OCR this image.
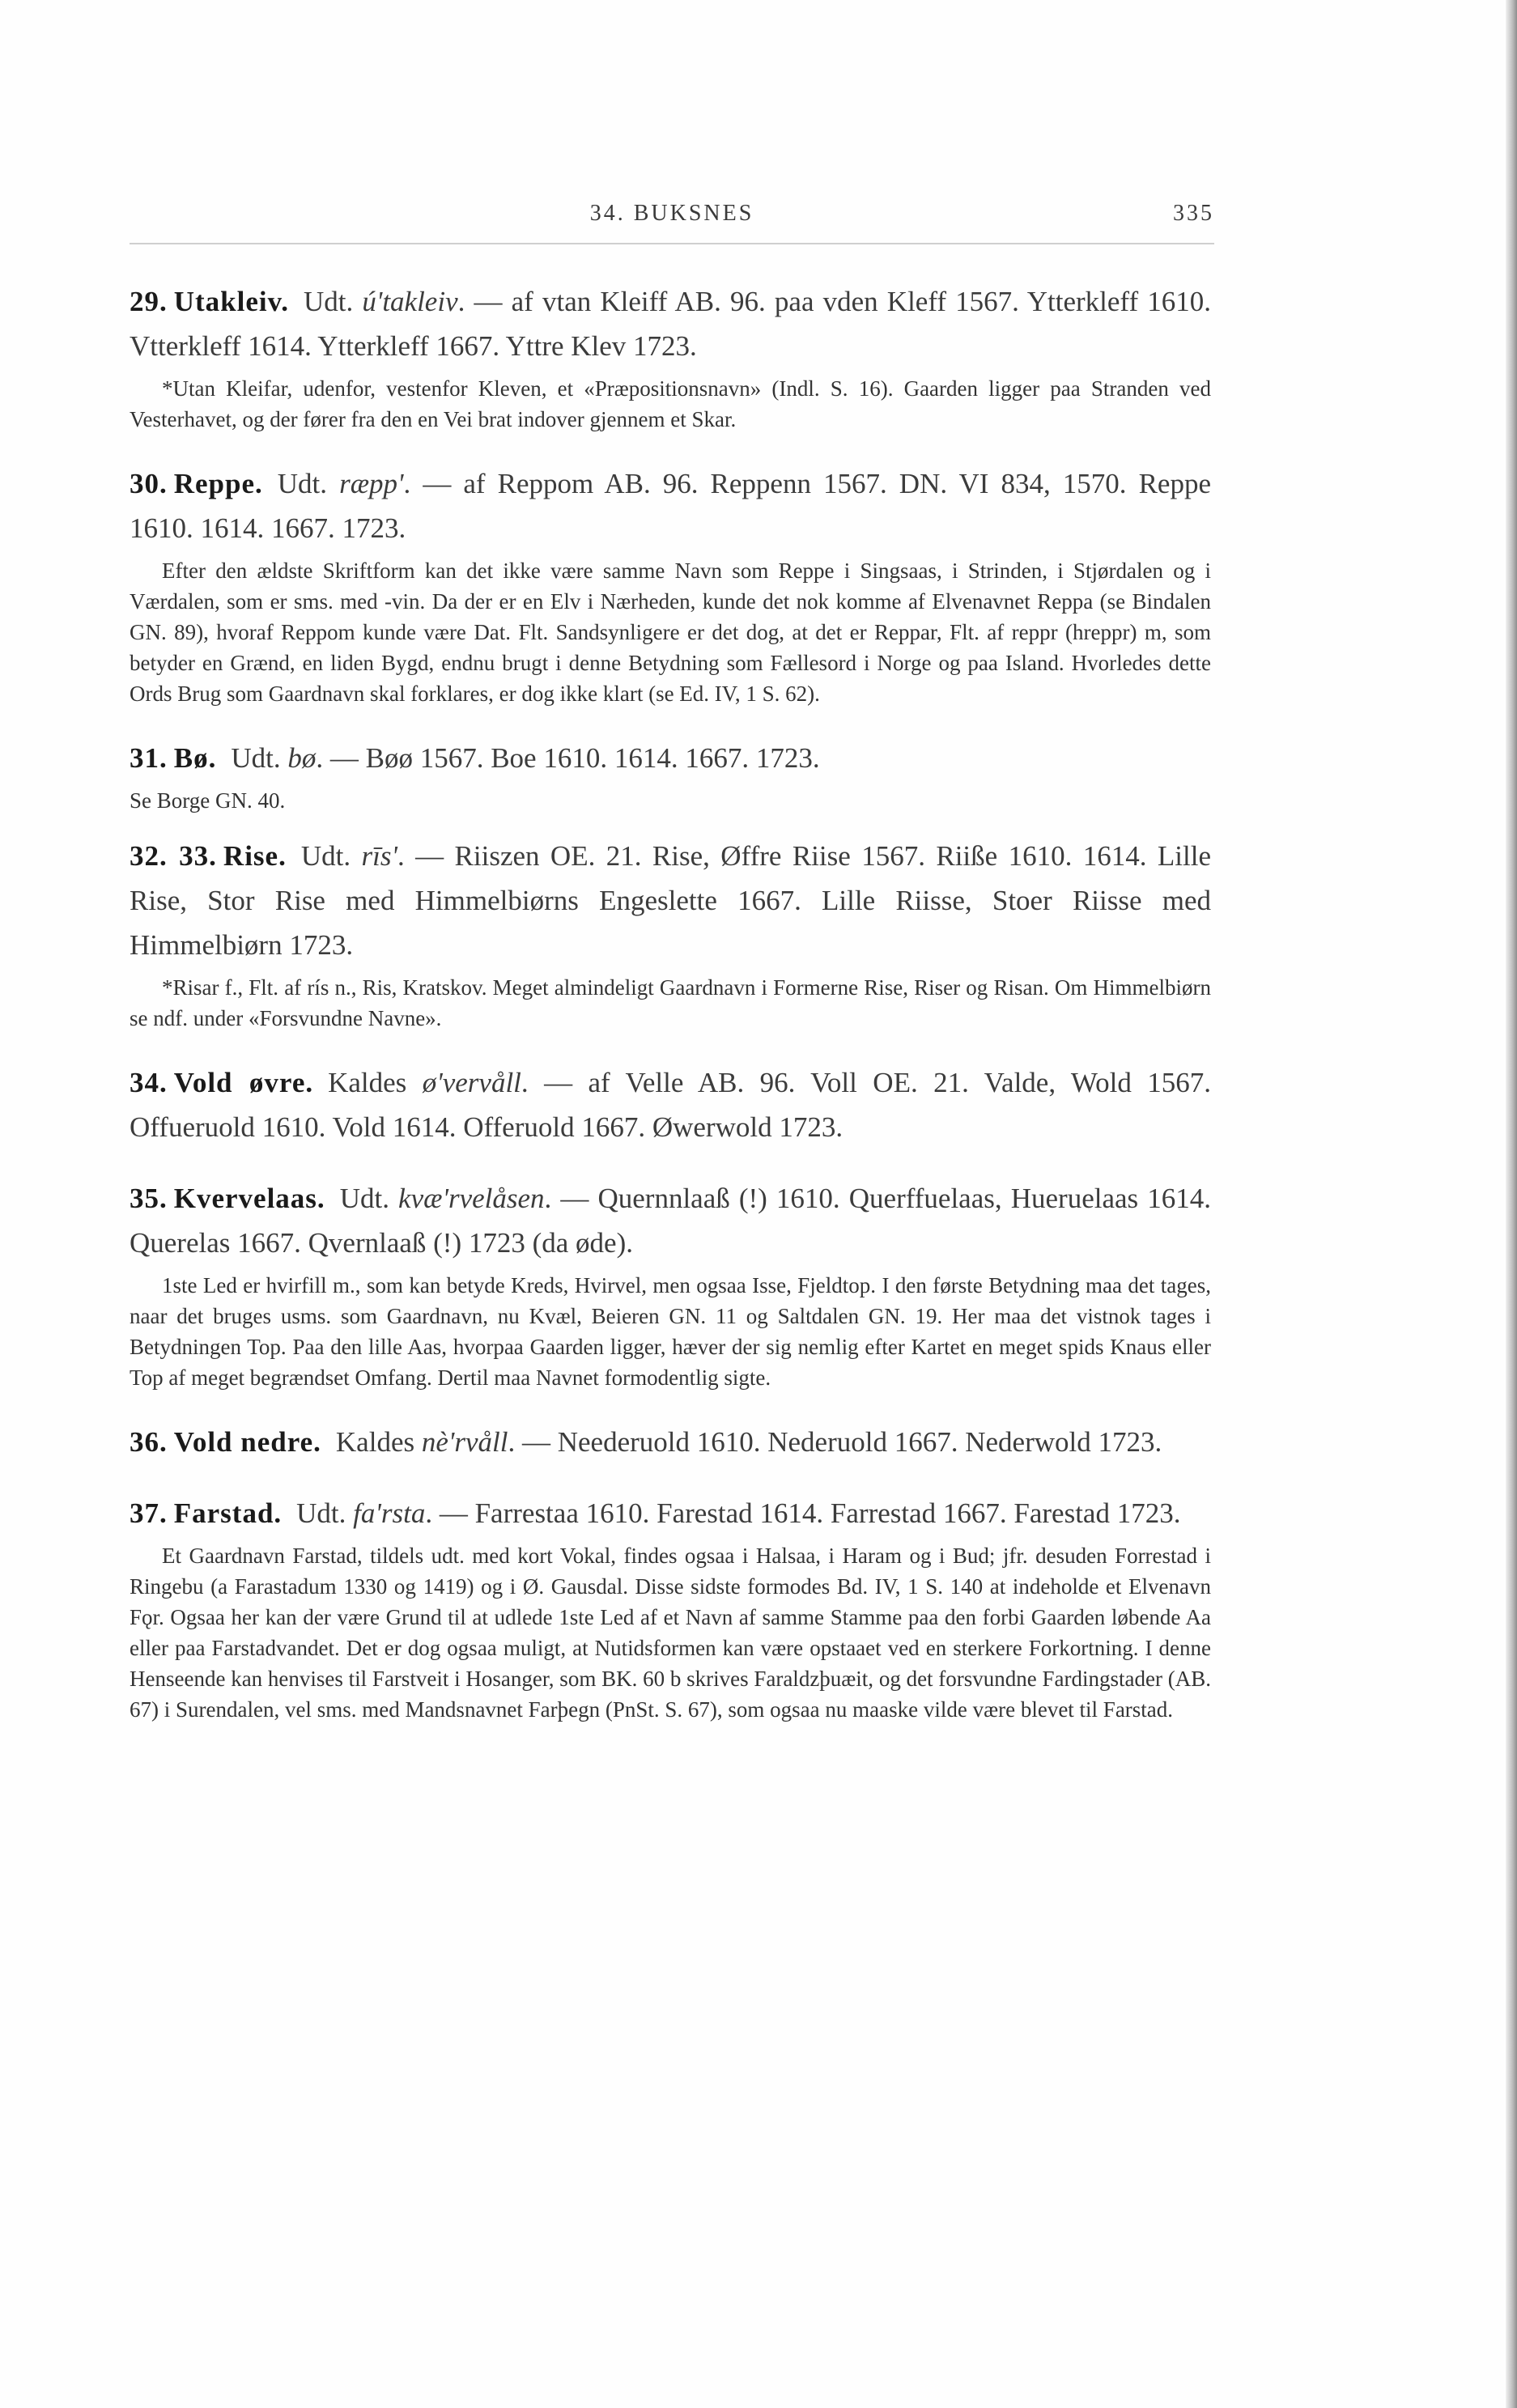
34. BUKSNES	335
29. Utakleiv. Udt. ú'takleiv. — af vtan Kleiff AB. 96. paa vden Kleff 1567. Ytterkleff 1610. Vtterkleff 1614. Ytterkleff 1667. Yttre Klev 1723.
*Utan Kleifar, udenfor, vestenfor Kleven, et «Præpositionsnavn» (Indl. S. 16). Gaarden ligger paa Stranden ved Vesterhavet, og der fører fra den en Vei brat indover gjennem et Skar.
30. Reppe. Udt. ræpp'. — af Reppom AB. 96. Reppenn 1567. DN. VI 834, 1570. Reppe 1610. 1614. 1667. 1723.
Efter den ældste Skriftform kan det ikke være samme Navn som Reppe i Singsaas, i Strinden, i Stjørdalen og i Værdalen, som er sms. med -vin. Da der er en Elv i Nærheden, kunde det nok komme af Elvenavnet Reppa (se Bindalen GN. 89), hvoraf Reppom kunde være Dat. Flt. Sandsynligere er det dog, at det er Reppar, Flt. af reppr (hreppr) m, som betyder en Grænd, en liden Bygd, endnu brugt i denne Betydning som Fællesord i Norge og paa Island. Hvorledes dette Ords Brug som Gaardnavn skal forklares, er dog ikke klart (se Ed. IV, 1 S. 62).
31. Bø. Udt. bø. — Bøø 1567. Boe 1610. 1614. 1667. 1723.
Se Borge GN. 40.
32. 33. Rise. Udt. rīs'. — Riiszen OE. 21. Rise, Øffre Riise 1567. Riiße 1610. 1614. Lille Rise, Stor Rise med Himmelbiørns Engeslette 1667. Lille Riisse, Stoer Riisse med Himmelbiørn 1723.
*Risar f., Flt. af rís n., Ris, Kratskov. Meget almindeligt Gaardnavn i Formerne Rise, Riser og Risan. Om Himmelbiørn se ndf. under «Forsvundne Navne».
34. Vold øvre. Kaldes ø'vervåll. — af Velle AB. 96. Voll OE. 21. Valde, Wold 1567. Offueruold 1610. Vold 1614. Offeruold 1667. Øwerwold 1723.
35. Kvervelaas. Udt. kvæ'rvelåsen. — Quernnlaaß (!) 1610. Querffuelaas, Hueruelaas 1614. Querelas 1667. Qvernlaaß (!) 1723 (da øde).
1ste Led er hvirfill m., som kan betyde Kreds, Hvirvel, men ogsaa Isse, Fjeldtop. I den første Betydning maa det tages, naar det bruges usms. som Gaardnavn, nu Kvæl, Beieren GN. 11 og Saltdalen GN. 19. Her maa det vistnok tages i Betydningen Top. Paa den lille Aas, hvorpaa Gaarden ligger, hæver der sig nemlig efter Kartet en meget spids Knaus eller Top af meget begrændset Omfang. Dertil maa Navnet formodentlig sigte.
36. Vold nedre. Kaldes nè'rvåll. — Neederuold 1610. Nederuold 1667. Nederwold 1723.
37. Farstad. Udt. fa'rsta. — Farrestaa 1610. Farestad 1614. Farrestad 1667. Farestad 1723.
Et Gaardnavn Farstad, tildels udt. med kort Vokal, findes ogsaa i Halsaa, i Haram og i Bud; jfr. desuden Forrestad i Ringebu (a Farastadum 1330 og 1419) og i Ø. Gausdal. Disse sidste formodes Bd. IV, 1 S. 140 at indeholde et Elvenavn Fǫr. Ogsaa her kan der være Grund til at udlede 1ste Led af et Navn af samme Stamme paa den forbi Gaarden løbende Aa eller paa Farstadvandet. Det er dog ogsaa muligt, at Nutidsformen kan være opstaaet ved en sterkere Forkortning. I denne Henseende kan henvises til Farstveit i Hosanger, som BK. 60 b skrives Faraldzþuæit, og det forsvundne Fardingstader (AB. 67) i Surendalen, vel sms. med Mandsnavnet Farþegn (PnSt. S. 67), som ogsaa nu maaske vilde være blevet til Farstad.
